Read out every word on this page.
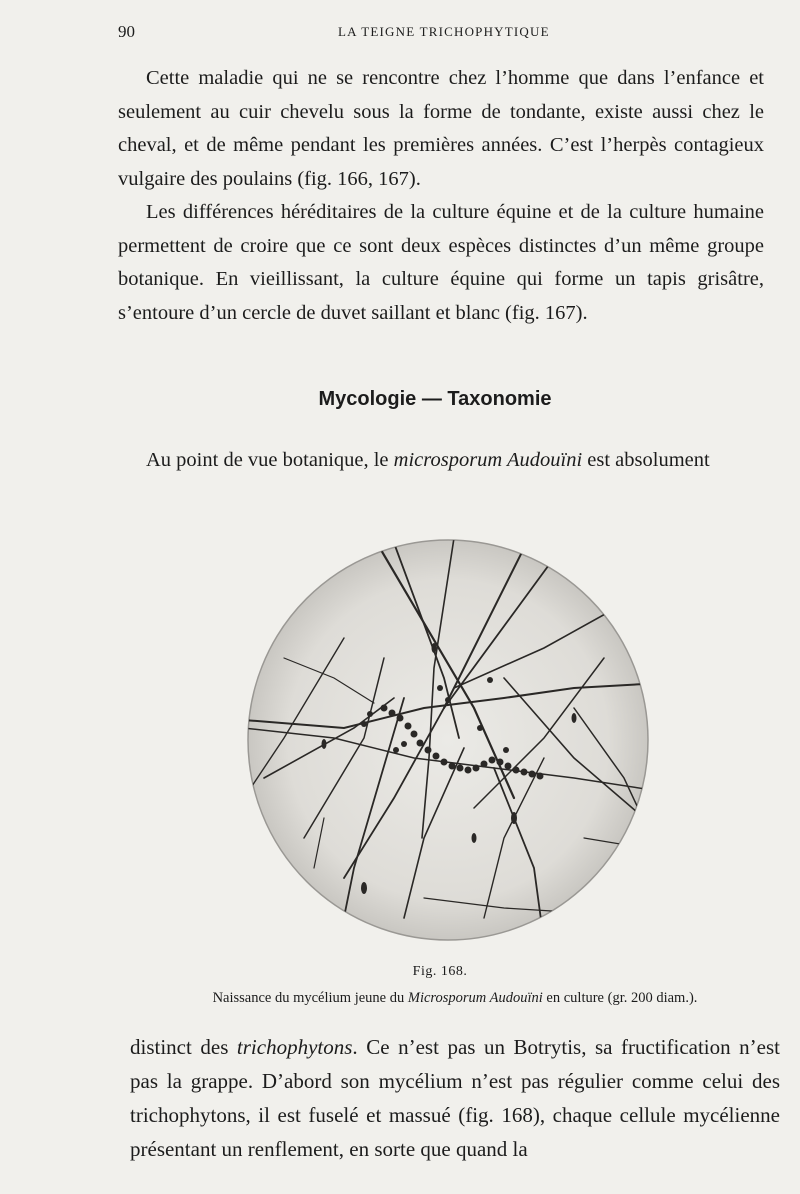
90	LA TEIGNE TRICHOPHYTIQUE

Cette maladie qui ne se rencontre chez l’homme que dans l’enfance et seulement au cuir chevelu sous la forme de tondante, existe aussi chez le cheval, et de même pendant les premières années. C’est l’herpès contagieux vulgaire des poulains (fig. 166, 167).

Les différences héréditaires de la culture équine et de la culture humaine permettent de croire que ce sont deux espèces distinctes d’un même groupe botanique. En vieillissant, la culture équine qui forme un tapis grisâtre, s’entoure d’un cercle de duvet saillant et blanc (fig. 167).

Mycologie — Taxonomie

Au point de vue botanique, le microsporum Audouïni est absolument

Fig. 168.
Naissance du mycélium jeune du Microsporum Audouïni en culture (gr. 200 diam.).

distinct des trichophytons. Ce n’est pas un Botrytis, sa fructification n’est pas la grappe. D’abord son mycélium n’est pas régulier comme celui des trichophytons, il est fuselé et massué (fig. 168), chaque cellule mycélienne présentant un renflement, en sorte que quand la
